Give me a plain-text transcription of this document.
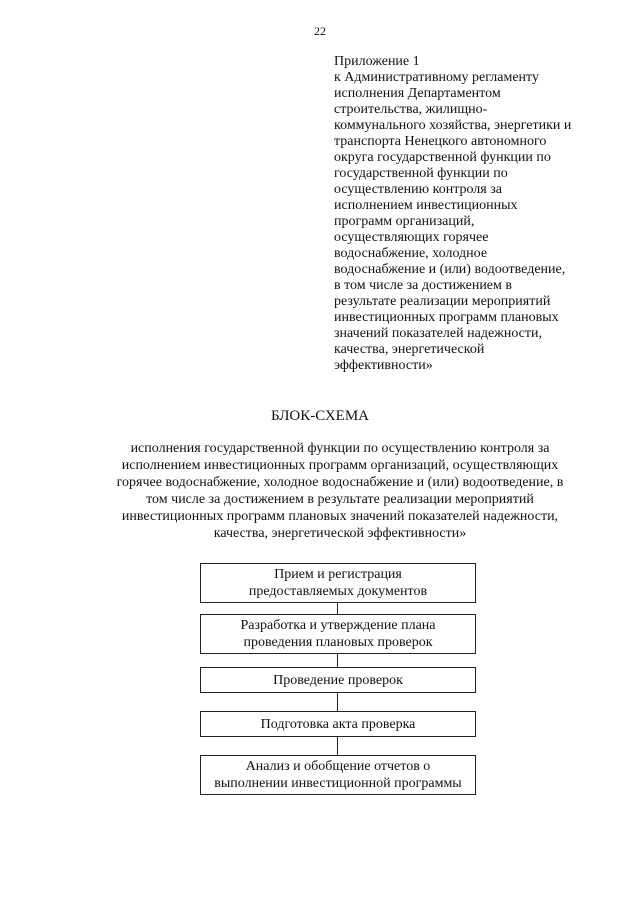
22
Приложение 1
к Административному регламенту
исполнения Департаментом
строительства, жилищно-
коммунального хозяйства, энергетики и
транспорта Ненецкого автономного
округа государственной функции по
государственной функции по
осуществлению контроля за
исполнением инвестиционных
программ организаций,
осуществляющих горячее
водоснабжение, холодное
водоснабжение и (или) водоотведение,
в том числе за достижением в
результате реализации мероприятий
инвестиционных программ плановых
значений показателей надежности,
качества, энергетической
эффективности»
БЛОК-СХЕМА
исполнения государственной функции по осуществлению контроля за
исполнением инвестиционных программ организаций, осуществляющих
горячее водоснабжение, холодное водоснабжение и (или) водоотведение, в
том числе за достижением в результате реализации мероприятий
инвестиционных программ плановых значений показателей надежности,
качества, энергетической эффективности»
Прием и регистрация
предоставляемых документов
Разработка и утверждение плана
проведения плановых проверок
Проведение проверок
Подготовка акта проверка
Анализ и обобщение отчетов о
выполнении инвестиционной программы
